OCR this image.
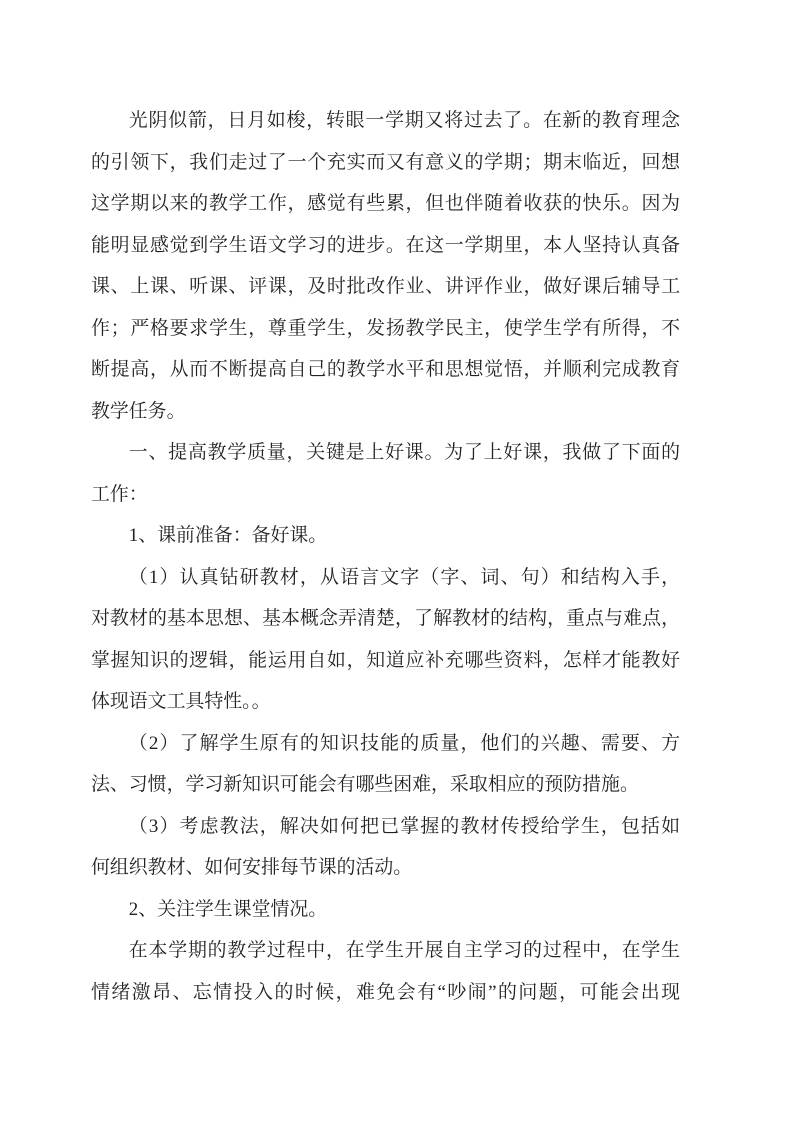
光阴似箭，日月如梭，转眼一学期又将过去了。在新的教育理念
的引领下，我们走过了一个充实而又有意义的学期；期末临近，回想
这学期以来的教学工作，感觉有些累，但也伴随着收获的快乐。因为
能明显感觉到学生语文学习的进步。在这一学期里，本人坚持认真备
课、上课、听课、评课，及时批改作业、讲评作业，做好课后辅导工
作；严格要求学生，尊重学生，发扬教学民主，使学生学有所得，不
断提高，从而不断提高自己的教学水平和思想觉悟，并顺利完成教育
教学任务。
一、提高教学质量，关键是上好课。为了上好课，我做了下面的
工作：
1、课前准备：备好课。
（1）认真钻研教材，从语言文字（字、词、句）和结构入手，
对教材的基本思想、基本概念弄清楚，了解教材的结构，重点与难点，
掌握知识的逻辑，能运用自如，知道应补充哪些资料，怎样才能教好
体现语文工具特性。。
（2）了解学生原有的知识技能的质量，他们的兴趣、需要、方
法、习惯，学习新知识可能会有哪些困难，采取相应的预防措施。
（3）考虑教法，解决如何把已掌握的教材传授给学生，包括如
何组织教材、如何安排每节课的活动。
2、关注学生课堂情况。
在本学期的教学过程中，在学生开展自主学习的过程中，在学生
情绪激昂、忘情投入的时候，难免会有“吵闹”的问题，可能会出现
